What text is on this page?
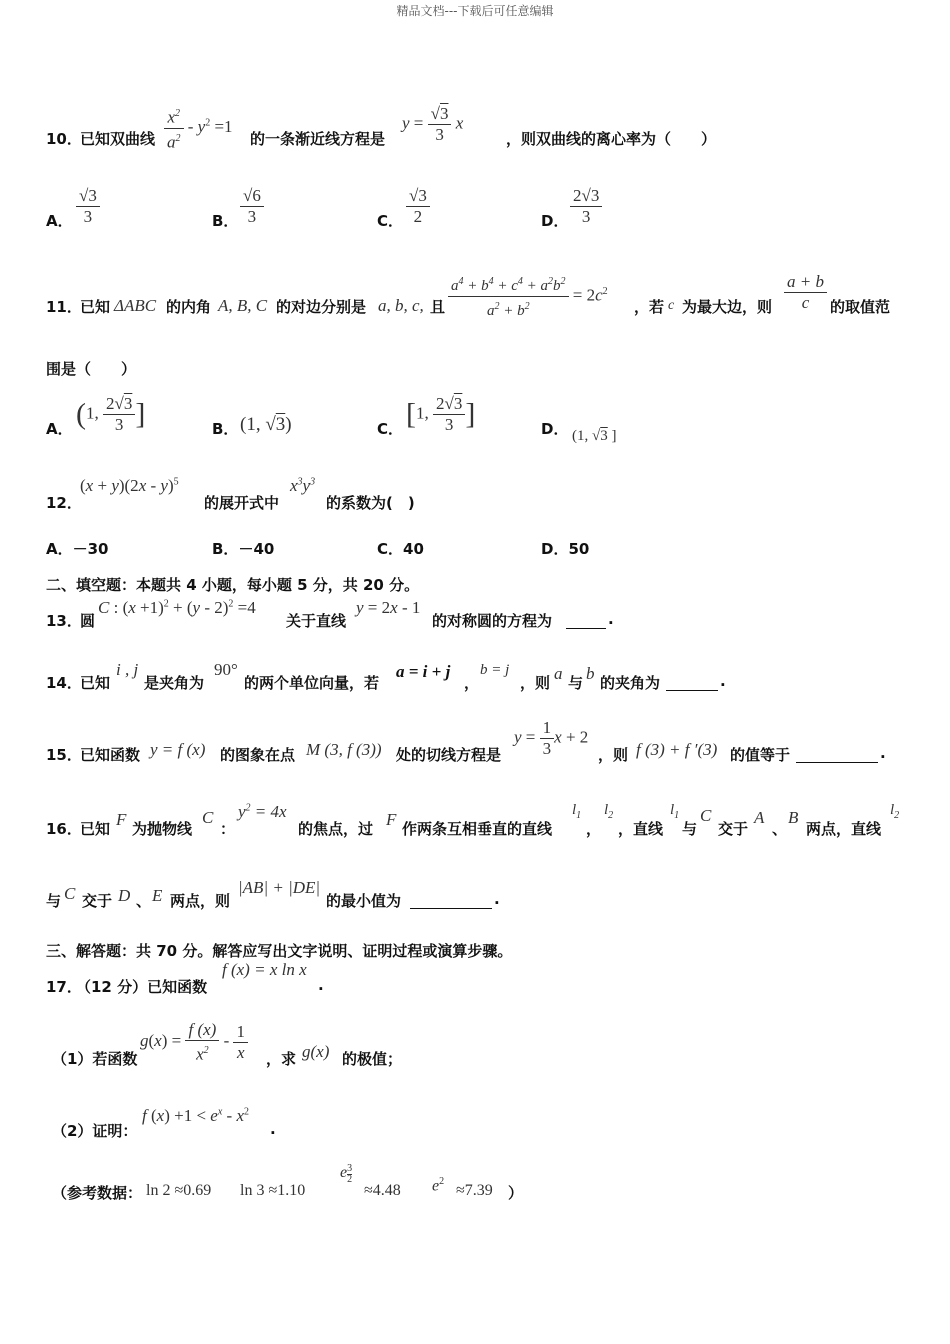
精品文档---下载后可任意编辑
10．
已知双曲线 $\frac{x^2}{a^2} - y^2 =1$
的一条渐近线方程是
$y = \frac{√3}{3}$ x
，则双曲线的离心率为（　　）
A． $\frac{√3}{3}$	B． $\frac{√6}{3}$	C． $\frac{√3}{2}$	D． $\frac{2√3}{3}$
11．
已知 ΔABC 的内角 A, B, C 的对边分别是 a, b, c, 且 $\frac{a^4 + b^4 + c^4 + a^2b^2}{a^2 + b^2} = 2c^2$
，若 c 为最大边，则 $\frac{a + b}{c}$ 的取值范
围是（　　）
A． (1, $\frac{2√3}{3}$ ]	B． (1, √3)	C． [1, $\frac{2√3}{3}$ ]	D． (1, √3 ]
12．
(x + y)(2x - y)$^5$
的展开式中
$x^3y^3$
的系数为(　)
A．－30	B．－40	C．40	D．50
二、填空题：本题共 4 小题，每小题 5 分，共 20 分。
13．
圆
C : $(x +1)^2 + (y - 2)^2 =4$
关于直线
y = 2x - 1
的对称圆的方程为	.
14．
已知
i , j
是夹角为
90°
的两个单位向量，若
a = i + j
，
b = j
，则 a 与 b 的夹角为	.
15．
已知函数 y = f (x) 的图象在点 M (3, f (3)) 处的切线方程是
$y = \frac{1}{3}$ x + 2
，则 f (3) + f ′(3) 的值等于	.
16．
已知 F 为抛物线
C
：
$y^2 = 4x$
的焦点，过 F 作两条互相垂直的直线
$l_1$
，
$l_2$
，直线
$l_1$
与
C
交于
A
、
B
两点，直线
$l_2$
与 C 交于 D 、 E 两点，则
|AB| + |DE|
的最小值为	.
三、解答题：共 70 分。解答应写出文字说明、证明过程或演算步骤。
17．
（12 分）已知函数
f (x) = x ln x
.
（1）若函数
$g(x) = \frac{f (x)}{x^2} - \frac{1}{x}$ ，求 g(x) 的极值；
（2）证明：
f $(x) +1 < e^x - x^2$
.
（参考数据： ln 2 ≈0.69 ln 3 ≈1.10
e $\frac{3}{2}$
≈4.48 $e^2$
≈7.39 ）
